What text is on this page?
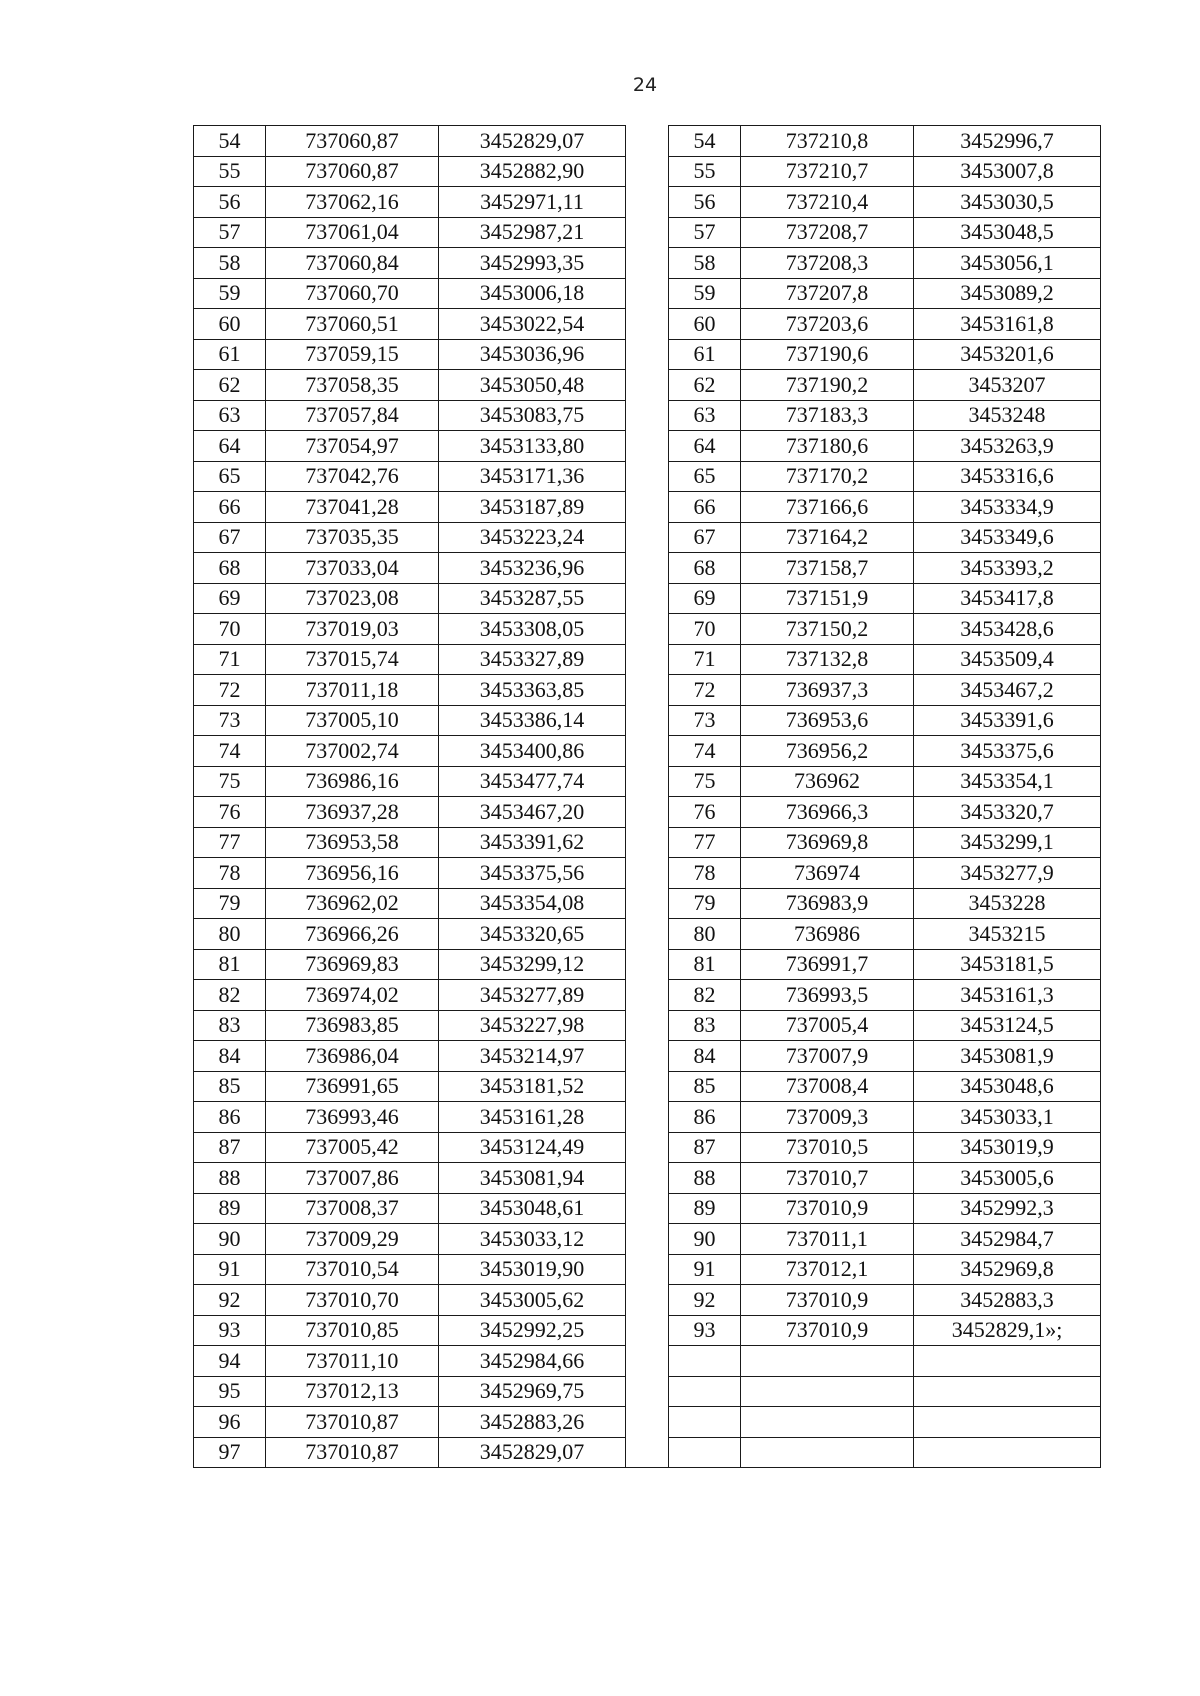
24
54	737060,87	3452829,07		54	737210,8	3452996,7
55	737060,87	3452882,90		55	737210,7	3453007,8
56	737062,16	3452971,11		56	737210,4	3453030,5
57	737061,04	3452987,21		57	737208,7	3453048,5
58	737060,84	3452993,35		58	737208,3	3453056,1
59	737060,70	3453006,18		59	737207,8	3453089,2
60	737060,51	3453022,54		60	737203,6	3453161,8
61	737059,15	3453036,96		61	737190,6	3453201,6
62	737058,35	3453050,48		62	737190,2	3453207
63	737057,84	3453083,75		63	737183,3	3453248
64	737054,97	3453133,80		64	737180,6	3453263,9
65	737042,76	3453171,36		65	737170,2	3453316,6
66	737041,28	3453187,89		66	737166,6	3453334,9
67	737035,35	3453223,24		67	737164,2	3453349,6
68	737033,04	3453236,96		68	737158,7	3453393,2
69	737023,08	3453287,55		69	737151,9	3453417,8
70	737019,03	3453308,05		70	737150,2	3453428,6
71	737015,74	3453327,89		71	737132,8	3453509,4
72	737011,18	3453363,85		72	736937,3	3453467,2
73	737005,10	3453386,14		73	736953,6	3453391,6
74	737002,74	3453400,86		74	736956,2	3453375,6
75	736986,16	3453477,74		75	736962	3453354,1
76	736937,28	3453467,20		76	736966,3	3453320,7
77	736953,58	3453391,62		77	736969,8	3453299,1
78	736956,16	3453375,56		78	736974	3453277,9
79	736962,02	3453354,08		79	736983,9	3453228
80	736966,26	3453320,65		80	736986	3453215
81	736969,83	3453299,12		81	736991,7	3453181,5
82	736974,02	3453277,89		82	736993,5	3453161,3
83	736983,85	3453227,98		83	737005,4	3453124,5
84	736986,04	3453214,97		84	737007,9	3453081,9
85	736991,65	3453181,52		85	737008,4	3453048,6
86	736993,46	3453161,28		86	737009,3	3453033,1
87	737005,42	3453124,49		87	737010,5	3453019,9
88	737007,86	3453081,94		88	737010,7	3453005,6
89	737008,37	3453048,61		89	737010,9	3452992,3
90	737009,29	3453033,12		90	737011,1	3452984,7
91	737010,54	3453019,90		91	737012,1	3452969,8
92	737010,70	3453005,62		92	737010,9	3452883,3
93	737010,85	3452992,25		93	737010,9	3452829,1»;
94	737011,10	3452984,66				
95	737012,13	3452969,75				
96	737010,87	3452883,26				
97	737010,87	3452829,07				
